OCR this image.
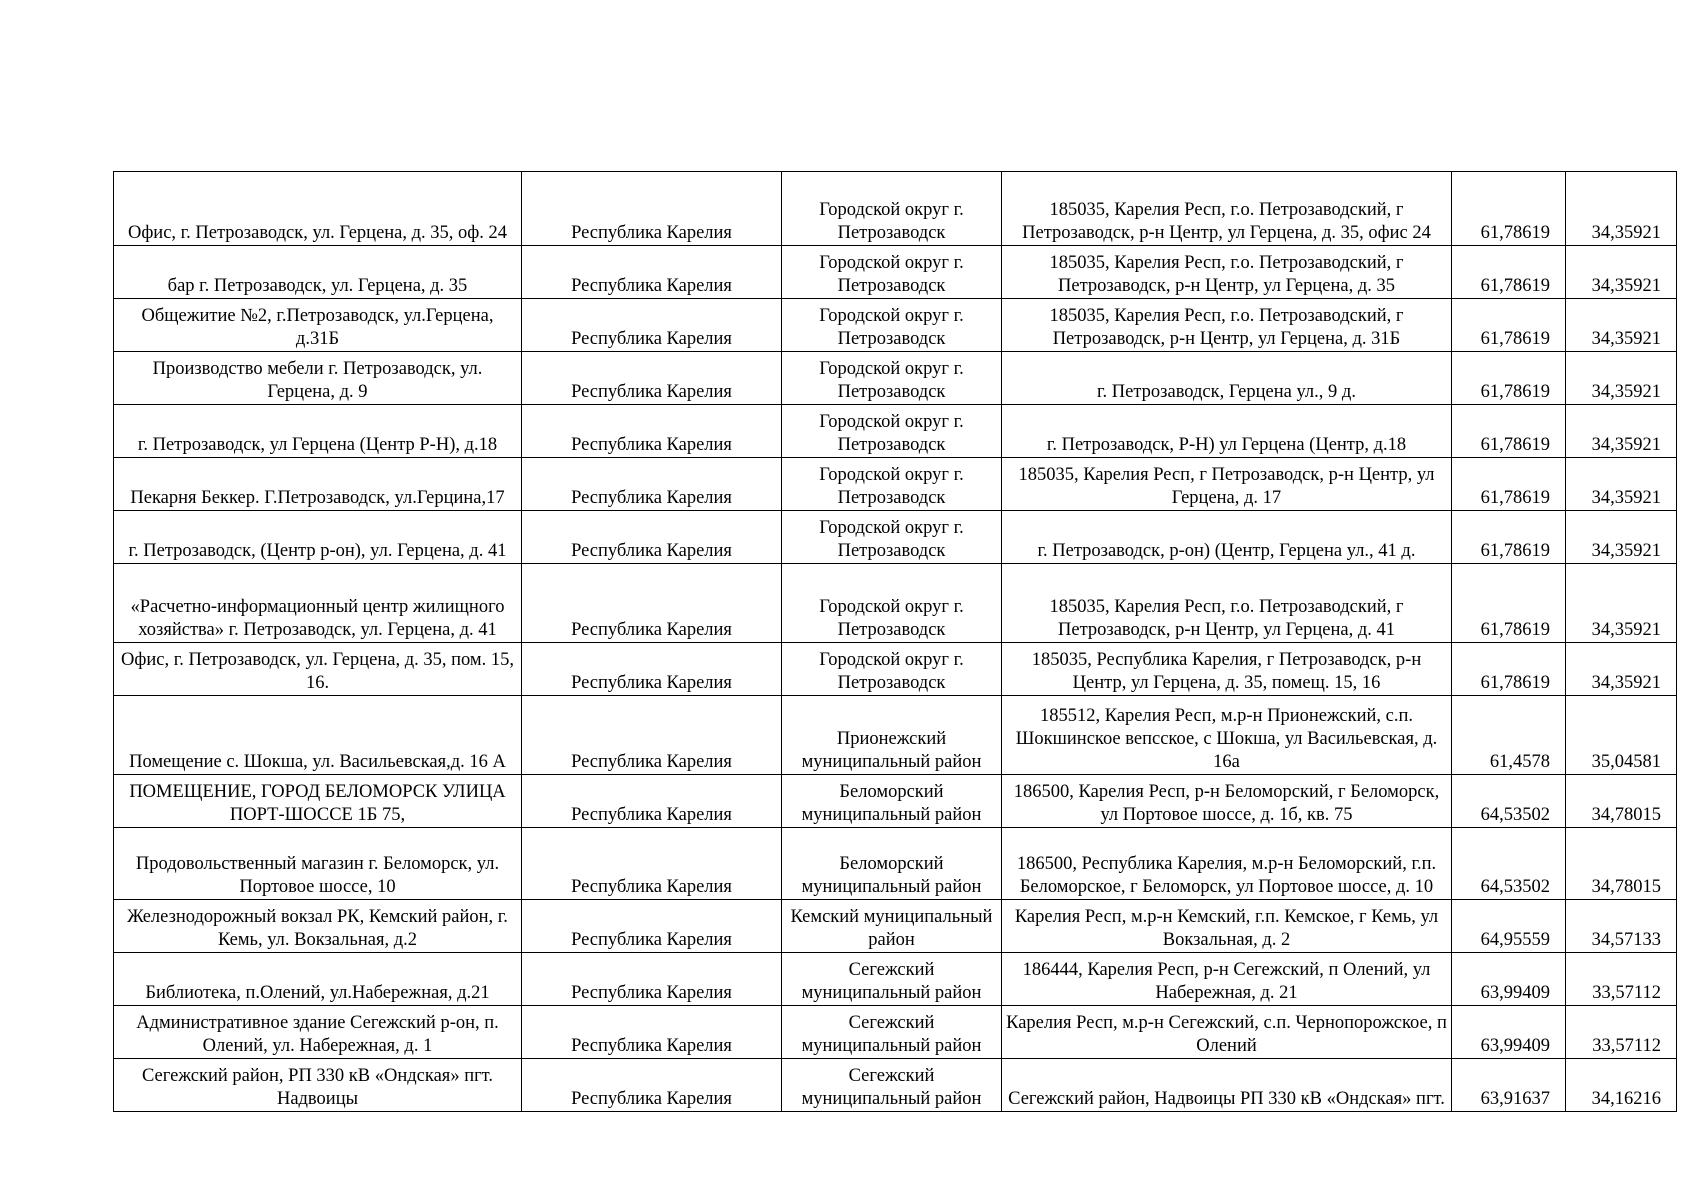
Офис, г. Петрозаводск, ул. Герцена, д. 35, оф. 24	Республика Карелия	Городской округ г. Петрозаводск	185035, Карелия Респ, г.о. Петрозаводский, г Петрозаводск, р-н Центр, ул Герцена, д. 35, офис 24	61,78619	34,35921
бар г. Петрозаводск, ул. Герцена, д. 35	Республика Карелия	Городской округ г. Петрозаводск	185035, Карелия Респ, г.о. Петрозаводский, г Петрозаводск, р-н Центр, ул Герцена, д. 35	61,78619	34,35921
Общежитие №2, г.Петрозаводск, ул.Герцена, д.31Б	Республика Карелия	Городской округ г. Петрозаводск	185035, Карелия Респ, г.о. Петрозаводский, г Петрозаводск, р-н Центр, ул Герцена, д. 31Б	61,78619	34,35921
Производство мебели г. Петрозаводск, ул. Герцена, д. 9	Республика Карелия	Городской округ г. Петрозаводск	г. Петрозаводск, Герцена ул., 9 д.	61,78619	34,35921
г. Петрозаводск, ул Герцена (Центр Р-Н), д.18	Республика Карелия	Городской округ г. Петрозаводск	г. Петрозаводск, Р-Н) ул Герцена (Центр, д.18	61,78619	34,35921
Пекарня Беккер. Г.Петрозаводск, ул.Герцина,17	Республика Карелия	Городской округ г. Петрозаводск	185035, Карелия Респ, г Петрозаводск, р-н Центр, ул Герцена, д. 17	61,78619	34,35921
г. Петрозаводск, (Центр р-он), ул. Герцена, д. 41	Республика Карелия	Городской округ г. Петрозаводск	г. Петрозаводск, р-он) (Центр, Герцена ул., 41 д.	61,78619	34,35921
«Расчетно-информационный центр жилищного хозяйства» г. Петрозаводск, ул. Герцена, д. 41	Республика Карелия	Городской округ г. Петрозаводск	185035, Карелия Респ, г.о. Петрозаводский, г Петрозаводск, р-н Центр, ул Герцена, д. 41	61,78619	34,35921
Офис, г. Петрозаводск, ул. Герцена, д. 35, пом. 15, 16.	Республика Карелия	Городской округ г. Петрозаводск	185035, Республика Карелия, г Петрозаводск, р-н Центр, ул Герцена, д. 35, помещ. 15, 16	61,78619	34,35921
Помещение с. Шокша, ул. Васильевская,д. 16 А	Республика Карелия	Прионежский муниципальный район	185512, Карелия Респ, м.р-н Прионежский, с.п. Шокшинское вепсское, с Шокша, ул Васильевская, д. 16а	61,4578	35,04581
ПОМЕЩЕНИЕ, ГОРОД БЕЛОМОРСК УЛИЦА ПОРТ-ШОССЕ 1Б 75,	Республика Карелия	Беломорский муниципальный район	186500, Карелия Респ, р-н Беломорский, г Беломорск, ул Портовое шоссе, д. 1б, кв. 75	64,53502	34,78015
Продовольственный магазин г. Беломорск, ул. Портовое шоссе, 10	Республика Карелия	Беломорский муниципальный район	186500, Республика Карелия, м.р-н Беломорский, г.п. Беломорское, г Беломорск, ул Портовое шоссе, д. 10	64,53502	34,78015
Железнодорожный вокзал РК, Кемский район, г. Кемь, ул. Вокзальная, д.2	Республика Карелия	Кемский муниципальный район	Карелия Респ, м.р-н Кемский, г.п. Кемское, г Кемь, ул Вокзальная, д. 2	64,95559	34,57133
Библиотека, п.Олений, ул.Набережная, д.21	Республика Карелия	Сегежский муниципальный район	186444, Карелия Респ, р-н Сегежский, п Олений, ул Набережная, д. 21	63,99409	33,57112
Административное здание Сегежский р-он, п. Олений, ул. Набережная, д. 1	Республика Карелия	Сегежский муниципальный район	Карелия Респ, м.р-н Сегежский, с.п. Чернопорожское, п Олений	63,99409	33,57112
Сегежский район, РП 330 кВ «Ондская» пгт. Надвоицы	Республика Карелия	Сегежский муниципальный район	Сегежский район, Надвоицы РП 330 кВ «Ондская» пгт.	63,91637	34,16216
